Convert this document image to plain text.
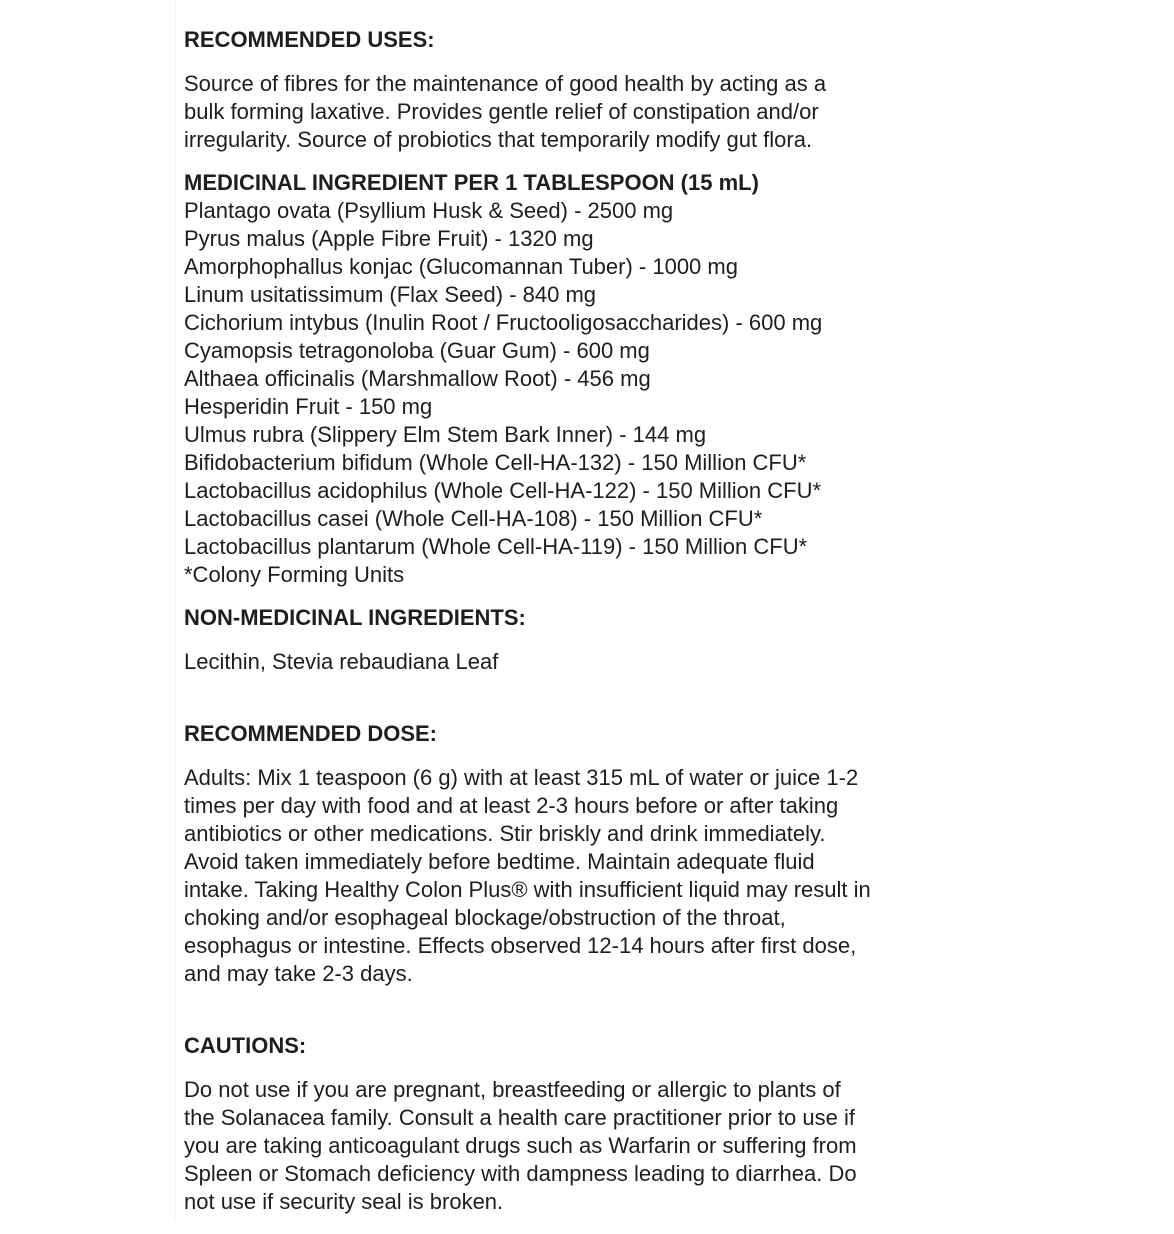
RECOMMENDED USES:
Source of fibres for the maintenance of good health by acting as a
bulk forming laxative. Provides gentle relief of constipation and/or
irregularity. Source of probiotics that temporarily modify gut flora.
MEDICINAL INGREDIENT PER 1 TABLESPOON (15 mL)
Plantago ovata (Psyllium Husk & Seed) - 2500 mg
Pyrus malus (Apple Fibre Fruit) - 1320 mg
Amorphophallus konjac (Glucomannan Tuber) - 1000 mg
Linum usitatissimum (Flax Seed) - 840 mg
Cichorium intybus (Inulin Root / Fructooligosaccharides) - 600 mg
Cyamopsis tetragonoloba (Guar Gum) - 600 mg
Althaea officinalis (Marshmallow Root) - 456 mg
Hesperidin Fruit - 150 mg
Ulmus rubra (Slippery Elm Stem Bark Inner) - 144 mg
Bifidobacterium bifidum (Whole Cell-HA-132) - 150 Million CFU*
Lactobacillus acidophilus (Whole Cell-HA-122) - 150 Million CFU*
Lactobacillus casei (Whole Cell-HA-108) - 150 Million CFU*
Lactobacillus plantarum (Whole Cell-HA-119) - 150 Million CFU*
*Colony Forming Units
NON-MEDICINAL INGREDIENTS:
Lecithin, Stevia rebaudiana Leaf
RECOMMENDED DOSE:
Adults: Mix 1 teaspoon (6 g) with at least 315 mL of water or juice 1-2
times per day with food and at least 2-3 hours before or after taking
antibiotics or other medications. Stir briskly and drink immediately.
Avoid taken immediately before bedtime. Maintain adequate fluid
intake. Taking Healthy Colon Plus® with insufficient liquid may result in
choking and/or esophageal blockage/obstruction of the throat,
esophagus or intestine. Effects observed 12-14 hours after first dose,
and may take 2-3 days.
CAUTIONS:
Do not use if you are pregnant, breastfeeding or allergic to plants of
the Solanacea family. Consult a health care practitioner prior to use if
you are taking anticoagulant drugs such as Warfarin or suffering from
Spleen or Stomach deficiency with dampness leading to diarrhea. Do
not use if security seal is broken.
